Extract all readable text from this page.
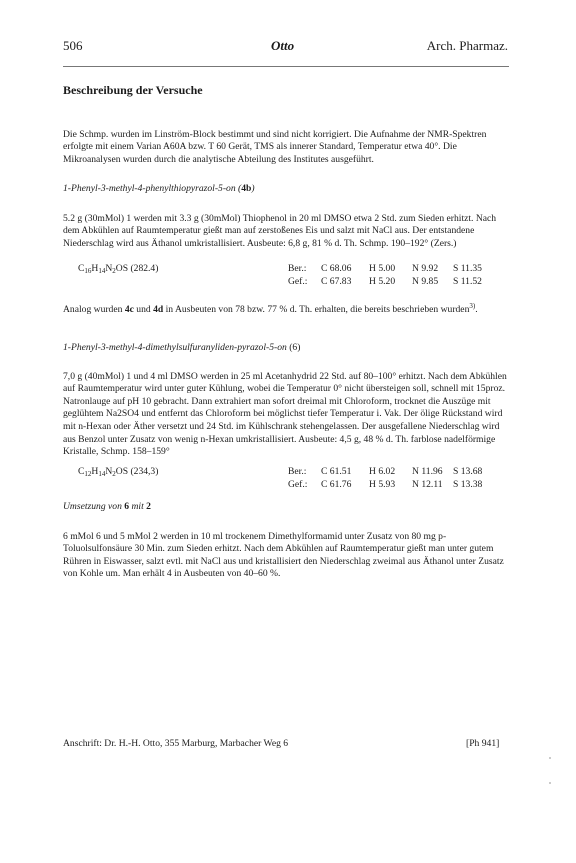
506	Otto	Arch. Pharmaz.
Beschreibung der Versuche

Die Schmp. wurden im Linström-Block bestimmt und sind nicht korrigiert. Die Aufnahme der NMR-Spektren erfolgte mit einem Varian A60A bzw. T 60 Gerät, TMS als innerer Standard, Temperatur etwa 40°. Die Mikroanalysen wurden durch die analytische Abteilung des Institutes ausgeführt.

1-Phenyl-3-methyl-4-phenylthiopyrazol-5-on (4b)

5.2 g (30mMol) 1 werden mit 3.3 g (30mMol) Thiophenol in 20 ml DMSO etwa 2 Std. zum Sieden erhitzt. Nach dem Abkühlen auf Raumtemperatur gießt man auf zerstoßenes Eis und salzt mit NaCl aus. Der entstandene Niederschlag wird aus Äthanol umkristallisiert. Ausbeute: 6,8 g, 81 % d. Th. Schmp. 190–192° (Zers.)

$C_{16}H_{14}N_2OS$ (282.4)	Ber.: C 68.06 H 5.00 N 9.92 S 11.35
Gef.: C 67.83 H 5.20 N 9.85 S 11.52

Analog wurden 4c und 4d in Ausbeuten von 78 bzw. 77 % d. Th. erhalten, die bereits beschrieben wurden$^{3)}$.

1-Phenyl-3-methyl-4-dimethylsulfuranyliden-pyrazol-5-on (6)

7,0 g (40mMol) 1 und 4 ml DMSO werden in 25 ml Acetanhydrid 22 Std. auf 80–100° erhitzt. Nach dem Abkühlen auf Raumtemperatur wird unter guter Kühlung, wobei die Temperatur 0° nicht übersteigen soll, schnell mit 15proz. Natronlauge auf pH 10 gebracht. Dann extrahiert man sofort dreimal mit Chloroform, trocknet die Auszüge mit geglühtem Na2SO4 und entfernt das Chloroform bei möglichst tiefer Temperatur i. Vak. Der ölige Rückstand wird mit n-Hexan oder Äther versetzt und 24 Std. im Kühlschrank stehengelassen. Der ausgefallene Niederschlag wird aus Benzol unter Zusatz von wenig n-Hexan umkristallisiert. Ausbeute: 4,5 g, 48 % d. Th. farblose nadelförmige Kristalle, Schmp. 158–159°

$C_{12}H_{14}N_2OS$ (234,3)	Ber.: C 61.51 H 6.02 N 11.96 S 13.68
Gef.: C 61.76 H 5.93 N 12.11 S 13.38
Umsetzung von 6 mit 2

6 mMol 6 und 5 mMol 2 werden in 10 ml trockenem Dimethylformamid unter Zusatz von 80 mg p-Toluolsulfonsäure 30 Min. zum Sieden erhitzt. Nach dem Abkühlen auf Raumtemperatur gießt man unter gutem Rühren in Eiswasser, salzt evtl. mit NaCl aus und kristallisiert den Niederschlag zweimal aus Äthanol unter Zusatz von Kohle um. Man erhält 4 in Ausbeuten von 40–60 %.

Anschrift: Dr. H.-H. Otto, 355 Marburg, Marbacher Weg 6	[Ph 941]
